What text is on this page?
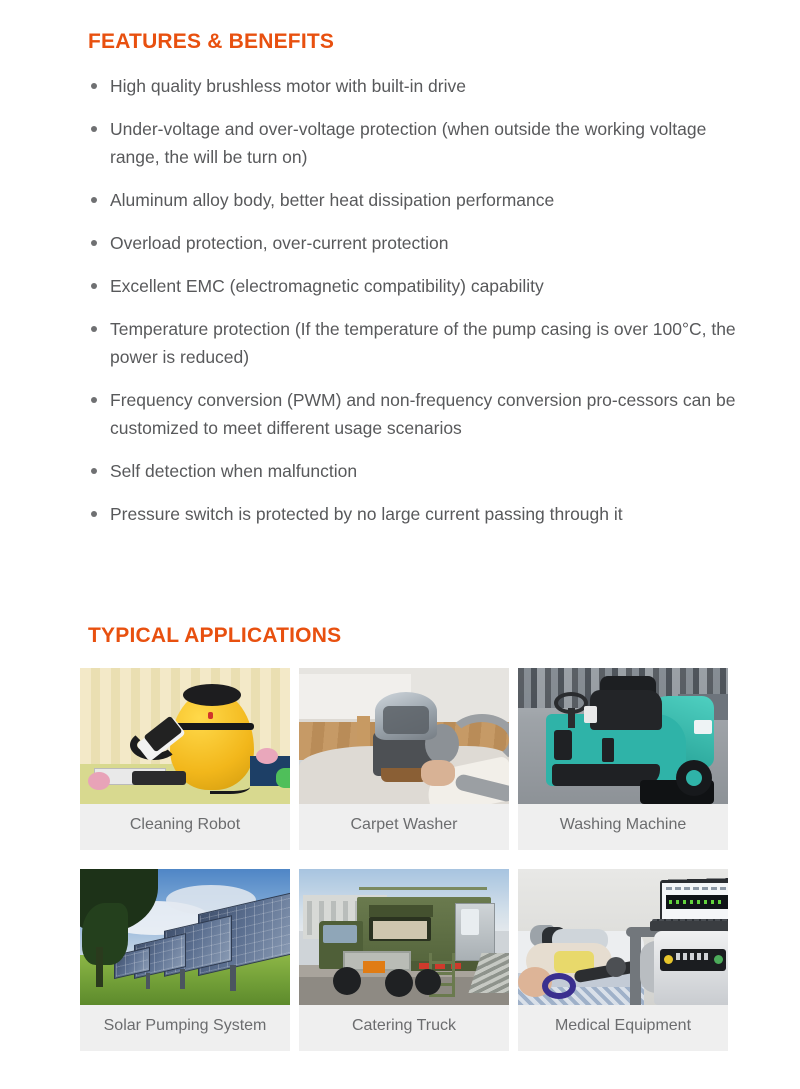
FEATURES & BENEFITS
High quality brushless motor with built-in drive
Under-voltage and over-voltage protection (when outside the working voltage range, the will be turn on)
Aluminum alloy body, better heat dissipation performance
Overload protection, over-current protection
Excellent EMC (electromagnetic compatibility) capability
Temperature protection (If the temperature of the pump casing is over 100°C, the power is reduced)
Frequency conversion (PWM) and non-frequency conversion pro-cessors can be customized to meet different usage scenarios
Self detection when malfunction
Pressure switch is protected by no large current passing through it
TYPICAL APPLICATIONS
Cleaning Robot	Carpet Washer	Washing Machine
Solar Pumping System	Catering Truck	Medical Equipment
